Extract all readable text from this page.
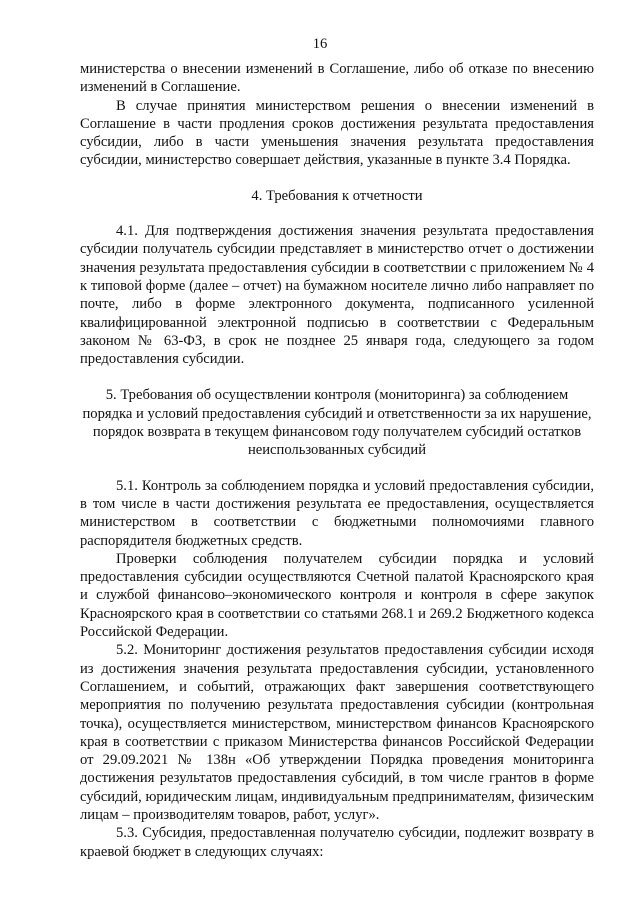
16

министерства о внесении изменений в Соглашение, либо об отказе по внесению изменений в Соглашение.

В случае принятия министерством решения о внесении изменений в Соглашение в части продления сроков достижения результата предоставления субсидии, либо в части уменьшения значения результата предоставления субсидии, министерство совершает действия, указанные в пункте 3.4 Порядка.

4. Требования к отчетности

4.1. Для подтверждения достижения значения результата предоставления субсидии получатель субсидии представляет в министерство отчет о достижении значения результата предоставления субсидии в соответствии с приложением № 4 к типовой форме (далее – отчет) на бумажном носителе лично либо направляет по почте, либо в форме электронного документа, подписанного усиленной квалифицированной электронной подписью в соответствии с Федеральным законом № 63-ФЗ, в срок не позднее 25 января года, следующего за годом предоставления субсидии.

5. Требования об осуществлении контроля (мониторинга) за соблюдением порядка и условий предоставления субсидий и ответственности за их нарушение, порядок возврата в текущем финансовом году получателем субсидий остатков неиспользованных субсидий

5.1. Контроль за соблюдением порядка и условий предоставления субсидии, в том числе в части достижения результата ее предоставления, осуществляется министерством в соответствии с бюджетными полномочиями главного распорядителя бюджетных средств.

Проверки соблюдения получателем субсидии порядка и условий предоставления субсидии осуществляются Счетной палатой Красноярского края и службой финансово–экономического контроля и контроля в сфере закупок Красноярского края в соответствии со статьями 268.1 и 269.2 Бюджетного кодекса Российской Федерации.

5.2. Мониторинг достижения результатов предоставления субсидии исходя из достижения значения результата предоставления субсидии, установленного Соглашением, и событий, отражающих факт завершения соответствующего мероприятия по получению результата предоставления субсидии (контрольная точка), осуществляется министерством, министерством финансов Красноярского края в соответствии с приказом Министерства финансов Российской Федерации от 29.09.2021 № 138н «Об утверждении Порядка проведения мониторинга достижения результатов предоставления субсидий, в том числе грантов в форме субсидий, юридическим лицам, индивидуальным предпринимателям, физическим лицам – производителям товаров, работ, услуг».

5.3. Субсидия, предоставленная получателю субсидии, подлежит возврату в краевой бюджет в следующих случаях:
